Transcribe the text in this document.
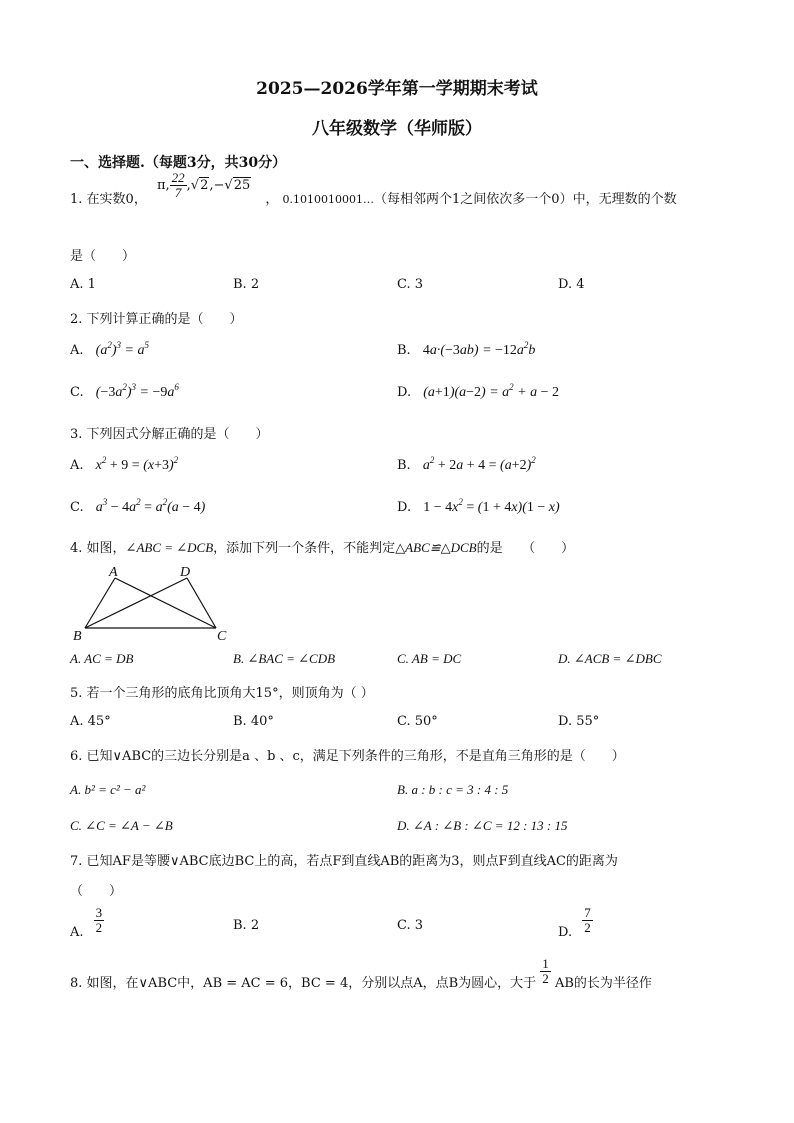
2025—2026学年第一学期期末考试
八年级数学（华师版）
一、选择题.（每题3分，共30分）
1. 在实数0， π, $\frac{22}{7} ,√2,-√25$ ， 0.1010010001…（每相邻两个1之间依次多一个0）中，无理数的个数
是（　　）
A. 1	B. 2	C. 3	D. 4
2. 下列计算正确的是（　　）
A. $(a^2)^3 = a^5$	B. $4a\cdot(-3ab) = -12a^2b$
C. $(-3a^2)^3 = -9a^6$	D. $(a+1)(a-2) = a^2 + a - 2$
3. 下列因式分解正确的是（　　）
A. $x^2 + 9 = (x+3)^2$	B. $a^2 + 2a + 4 = (a+2)^2$
C. $a^3 - 4a^2 = a^2(a - 4)$	D. $1 - 4x^2 = (1 + 4x)(1 - x)$
4. 如图，∠ABC = ∠DCB，添加下列一个条件，不能判定△ABC≌△DCB的是　　（　　）
A	D
B	C
A. AC = DB	B. ∠BAC = ∠CDB	C. AB = DC	D. ∠ACB = ∠DBC
5. 若一个三角形的底角比顶角大15°，则顶角为（ ）
A. 45°	B. 40°	C. 50°	D. 55°
6. 已知∨ABC的三边长分别是a 、b 、c，满足下列条件的三角形，不是直角三角形的是（　　）
A. b² = c² − a²	B. a : b : c = 3 : 4 : 5
C. ∠C = ∠A − ∠B	D. ∠A : ∠B : ∠C = 12 : 13 : 15
7. 已知AF是等腰∨ABC底边BC上的高，若点F到直线AB的距离为3，则点F到直线AC的距离为
（　　）
A. $\frac{3}{2}$	B. 2	C. 3	D. $\frac{7}{2}$
8. 如图，在∨ABC中，AB = AC = 6，BC = 4，分别以点A，点B为圆心，大于 $\frac{1}{2}$ AB的长为半径作
